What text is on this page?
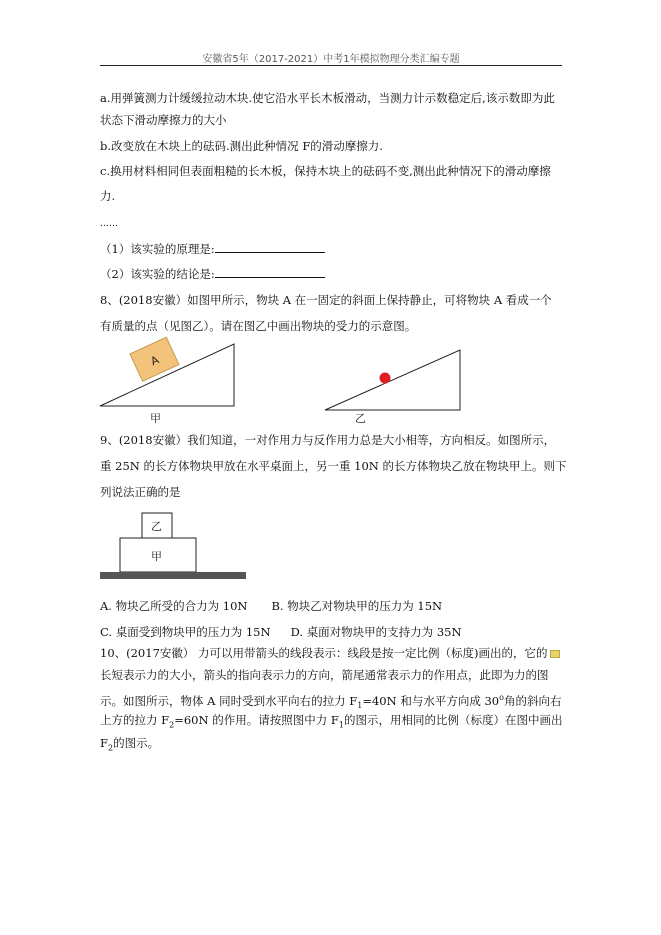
安徽省5年（2017-2021）中考1年模拟物理分类汇编专题
a.用弹簧测力计缓缓拉动木块.使它沿水平长木板滑动，当测力计示数稳定后,该示数即为此
状态下滑动摩擦力的大小
b.改变放在木块上的砝码.测出此种情况 F的滑动摩擦力.
c.换用材料相同但表面粗糙的长木板，保持木块上的砝码不变,测出此种情况下的滑动摩擦
力.
……
（1）该实验的原理是:
（2）该实验的结论是:
8、(2018安徽）如图甲所示，物块 A 在一固定的斜面上保持静止，可将物块 A 看成一个
有质量的点（见图乙）。请在图乙中画出物块的受力的示意图。
A
甲	乙
9、(2018安徽）我们知道，一对作用力与反作用力总是大小相等，方向相反。如图所示，
重 25N 的长方体物块甲放在水平桌面上，另一重 10N 的长方体物块乙放在物块甲上。则下
列说法正确的是
乙
甲
A. 物块乙所受的合力为 10N B. 物块乙对物块甲的压力为 15N
C. 桌面受到物块甲的压力为 15N D. 桌面对物块甲的支持力为 35N
10、(2017安徽） 力可以用带箭头的线段表示：线段是按一定比例（标度)画出的，它的
长短表示力的大小，箭头的指向表示力的方向，箭尾通常表示力的作用点，此即为力的图
示。如图所示，物体 A 同时受到水平向右的拉力 $F_1=40N$ 和与水平方向成 30$^o$角的斜向右
上方的拉力 $F_2=60N$ 的作用。请按照图中力 $F_1$的图示，用相同的比例（标度）在图中画出
$F_2$的图示。
